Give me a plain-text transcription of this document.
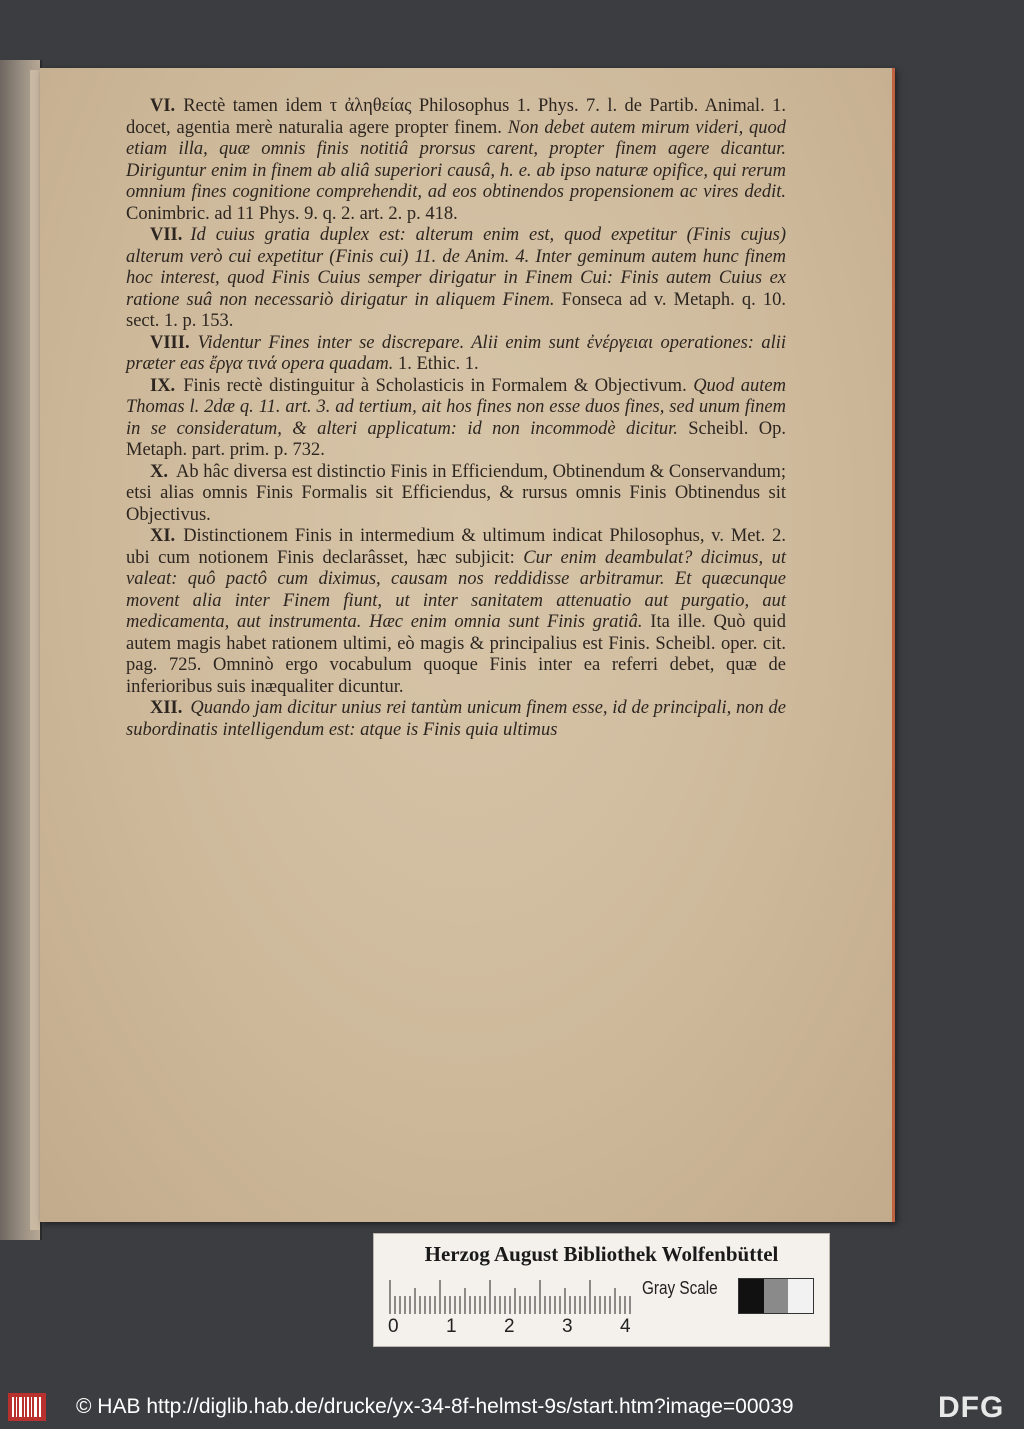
VI. Rectè tamen idem τ ἀληθείας Philosophus 1. Phys. 7. l. de Partib. Animal. 1. docet, agentia merè naturalia agere propter finem. Non debet autem mirum videri, quod etiam illa, quæ omnis finis notitiâ prorsus carent, propter finem agere dicantur. Diriguntur enim in finem ab aliâ superiori causâ, h. e. ab ipso naturæ opifice, qui rerum omnium fines cognitione comprehendit, ad eos obtinendos propensionem ac vires dedit. Conimbric. ad 11 Phys. 9. q. 2. art. 2. p. 418.

VII. Id cuius gratia duplex est: alterum enim est, quod expetitur (Finis cujus) alterum verò cui expetitur (Finis cui) 11. de Anim. 4. Inter geminum autem hunc finem hoc interest, quod Finis Cuius semper dirigatur in Finem Cui: Finis autem Cuius ex ratione suâ non necessariò dirigatur in aliquem Finem. Fonseca ad v. Metaph. q. 10. sect. 1. p. 153.

VIII. Videntur Fines inter se discrepare. Alii enim sunt ἐνέργειαι operationes: alii præter eas ἔργα τινά opera quadam. 1. Ethic. 1.

IX. Finis rectè distinguitur à Scholasticis in Formalem & Objectivum. Quod autem Thomas l. 2dæ q. 11. art. 3. ad tertium, ait hos fines non esse duos fines, sed unum finem in se consideratum, & alteri applicatum: id non incommodè dicitur. Scheibl. Op. Metaph. part. prim. p. 732.

X. Ab hâc diversa est distinctio Finis in Efficiendum, Obtinendum & Conservandum; etsi alias omnis Finis Formalis sit Efficiendus, & rursus omnis Finis Obtinendus sit Objectivus.

XI. Distinctionem Finis in intermedium & ultimum indicat Philosophus, v. Met. 2. ubi cum notionem Finis declarâsset, hæc subjicit: Cur enim deambulat? dicimus, ut valeat: quô pactô cum diximus, causam nos reddidisse arbitramur. Et quæcunque movent alia inter Finem fiunt, ut inter sanitatem attenuatio aut purgatio, aut medicamenta, aut instrumenta. Hæc enim omnia sunt Finis gratiâ. Ita ille. Quò quid autem magis habet rationem ultimi, eò magis & principalius est Finis. Scheibl. oper. cit. pag. 725. Omninò ergo vocabulum quoque Finis inter ea referri debet, quæ de inferioribus suis inæqualiter dicuntur.

XII. Quando jam dicitur unius rei tantùm unicum finem esse, id de principali, non de subordinatis intelligendum est: atque is Finis quia ultimus

Herzog August Bibliothek Wolfenbüttel
0 1 2 3 4
Gray Scale
© HAB http://diglib.hab.de/drucke/yx-34-8f-helmst-9s/start.htm?image=00039	DFG
